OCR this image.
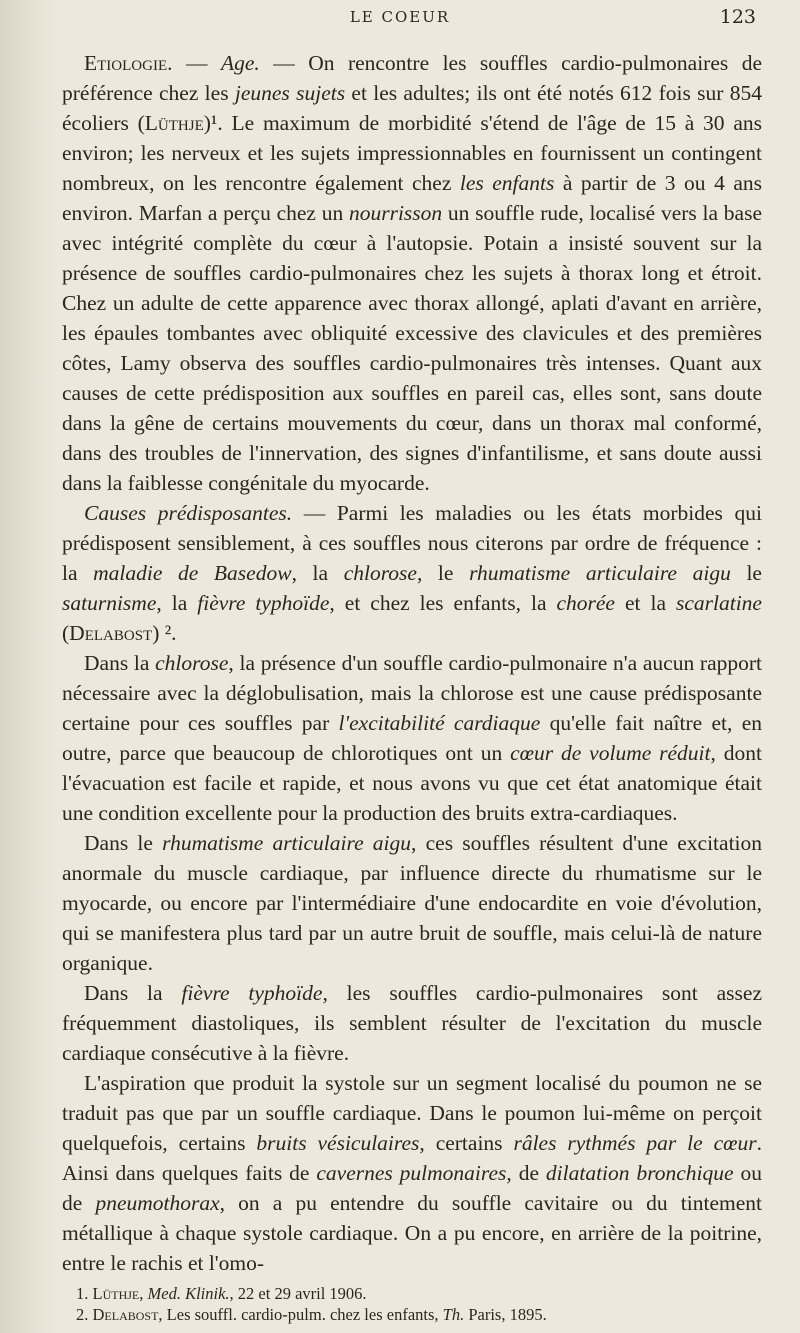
LE COEUR	123

Etiologie. — Age. — On rencontre les souffles cardio-pulmonaires de préférence chez les jeunes sujets et les adultes; ils ont été notés 612 fois sur 854 écoliers (Lüthje)¹. Le maximum de morbidité s'étend de l'âge de 15 à 30 ans environ; les nerveux et les sujets impressionnables en fournissent un contingent nombreux, on les rencontre également chez les enfants à partir de 3 ou 4 ans environ. Marfan a perçu chez un nourrisson un souffle rude, localisé vers la base avec intégrité complète du cœur à l'autopsie. Potain a insisté souvent sur la présence de souffles cardio-pulmonaires chez les sujets à thorax long et étroit. Chez un adulte de cette apparence avec thorax allongé, aplati d'avant en arrière, les épaules tombantes avec obliquité excessive des clavicules et des premières côtes, Lamy observa des souffles cardio-pulmonaires très intenses. Quant aux causes de cette prédisposition aux souffles en pareil cas, elles sont, sans doute dans la gêne de certains mouvements du cœur, dans un thorax mal conformé, dans des troubles de l'innervation, des signes d'infantilisme, et sans doute aussi dans la faiblesse congénitale du myocarde.

Causes prédisposantes. — Parmi les maladies ou les états morbides qui prédisposent sensiblement, à ces souffles nous citerons par ordre de fréquence : la maladie de Basedow, la chlorose, le rhumatisme articulaire aigu le saturnisme, la fièvre typhoïde, et chez les enfants, la chorée et la scarlatine (Delabost) ².

Dans la chlorose, la présence d'un souffle cardio-pulmonaire n'a aucun rapport nécessaire avec la déglobulisation, mais la chlorose est une cause prédisposante certaine pour ces souffles par l'excitabilité cardiaque qu'elle fait naître et, en outre, parce que beaucoup de chlorotiques ont un cœur de volume réduit, dont l'évacuation est facile et rapide, et nous avons vu que cet état anatomique était une condition excellente pour la production des bruits extra-cardiaques.

Dans le rhumatisme articulaire aigu, ces souffles résultent d'une excitation anormale du muscle cardiaque, par influence directe du rhumatisme sur le myocarde, ou encore par l'intermédiaire d'une endocardite en voie d'évolution, qui se manifestera plus tard par un autre bruit de souffle, mais celui-là de nature organique.

Dans la fièvre typhoïde, les souffles cardio-pulmonaires sont assez fréquemment diastoliques, ils semblent résulter de l'excitation du muscle cardiaque consécutive à la fièvre.

L'aspiration que produit la systole sur un segment localisé du poumon ne se traduit pas que par un souffle cardiaque. Dans le poumon lui-même on perçoit quelquefois, certains bruits vésiculaires, certains râles rythmés par le cœur. Ainsi dans quelques faits de cavernes pulmonaires, de dilatation bronchique ou de pneumothorax, on a pu entendre du souffle cavitaire ou du tintement métallique à chaque systole cardiaque. On a pu encore, en arrière de la poitrine, entre le rachis et l'omo-

1. Lüthje, Med. Klinik., 22 et 29 avril 1906.

2. Delabost, Les souffl. cardio-pulm. chez les enfants, Th. Paris, 1895.
